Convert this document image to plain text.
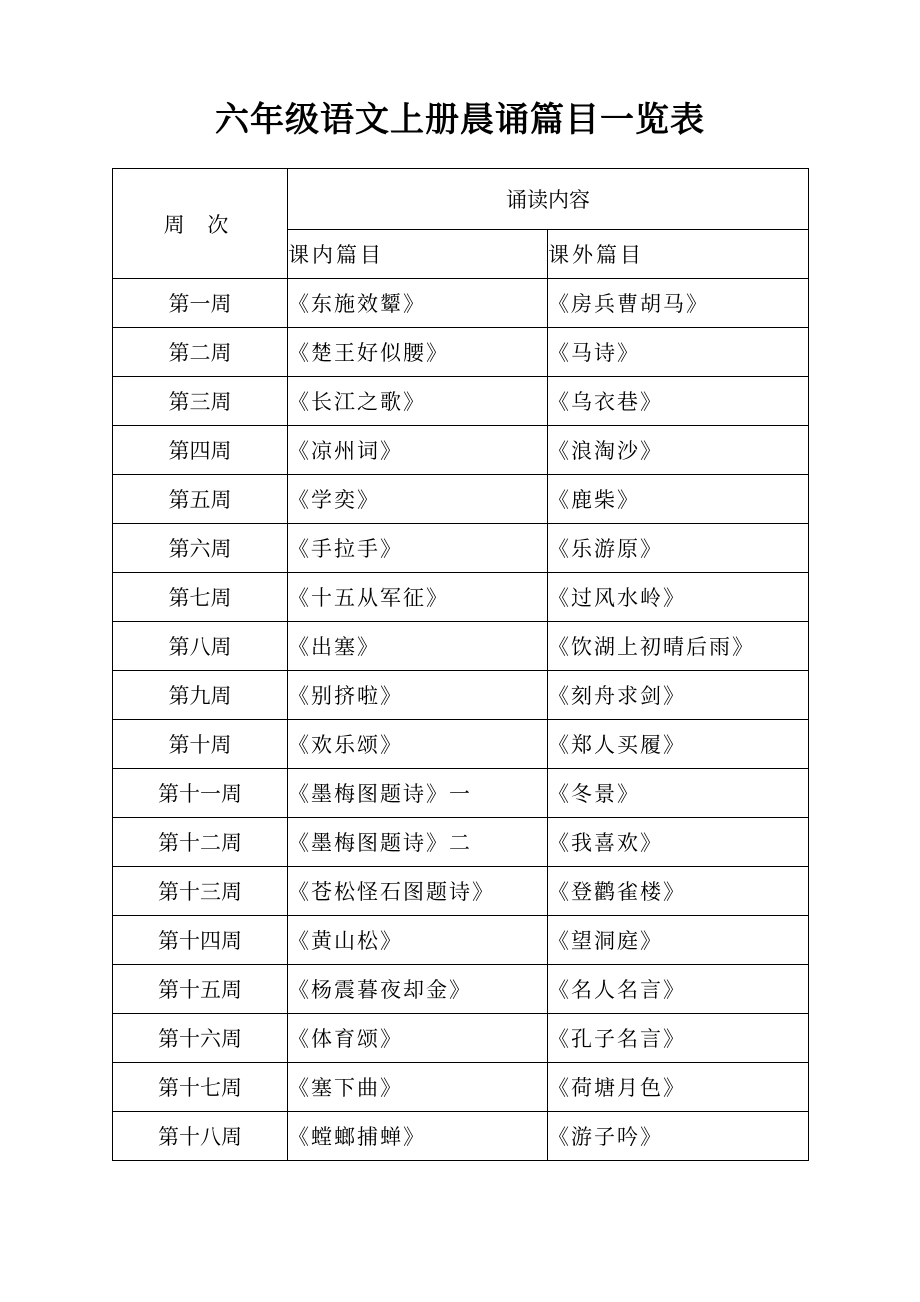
六年级语文上册晨诵篇目一览表
周 次	诵读内容	
	课内篇目	课外篇目
第一周	《东施效颦》	《房兵曹胡马》
第二周	《楚王好似腰》	《马诗》
第三周	《长江之歌》	《乌衣巷》
第四周	《凉州词》	《浪淘沙》
第五周	《学奕》	《鹿柴》
第六周	《手拉手》	《乐游原》
第七周	《十五从军征》	《过风水岭》
第八周	《出塞》	《饮湖上初晴后雨》
第九周	《别挤啦》	《刻舟求剑》
第十周	《欢乐颂》	《郑人买履》
第十一周	《墨梅图题诗》一	《冬景》
第十二周	《墨梅图题诗》二	《我喜欢》
第十三周	《苍松怪石图题诗》	《登鹳雀楼》
第十四周	《黄山松》	《望洞庭》
第十五周	《杨震暮夜却金》	《名人名言》
第十六周	《体育颂》	《孔子名言》
第十七周	《塞下曲》	《荷塘月色》
第十八周	《螳螂捕蝉》	《游子吟》
